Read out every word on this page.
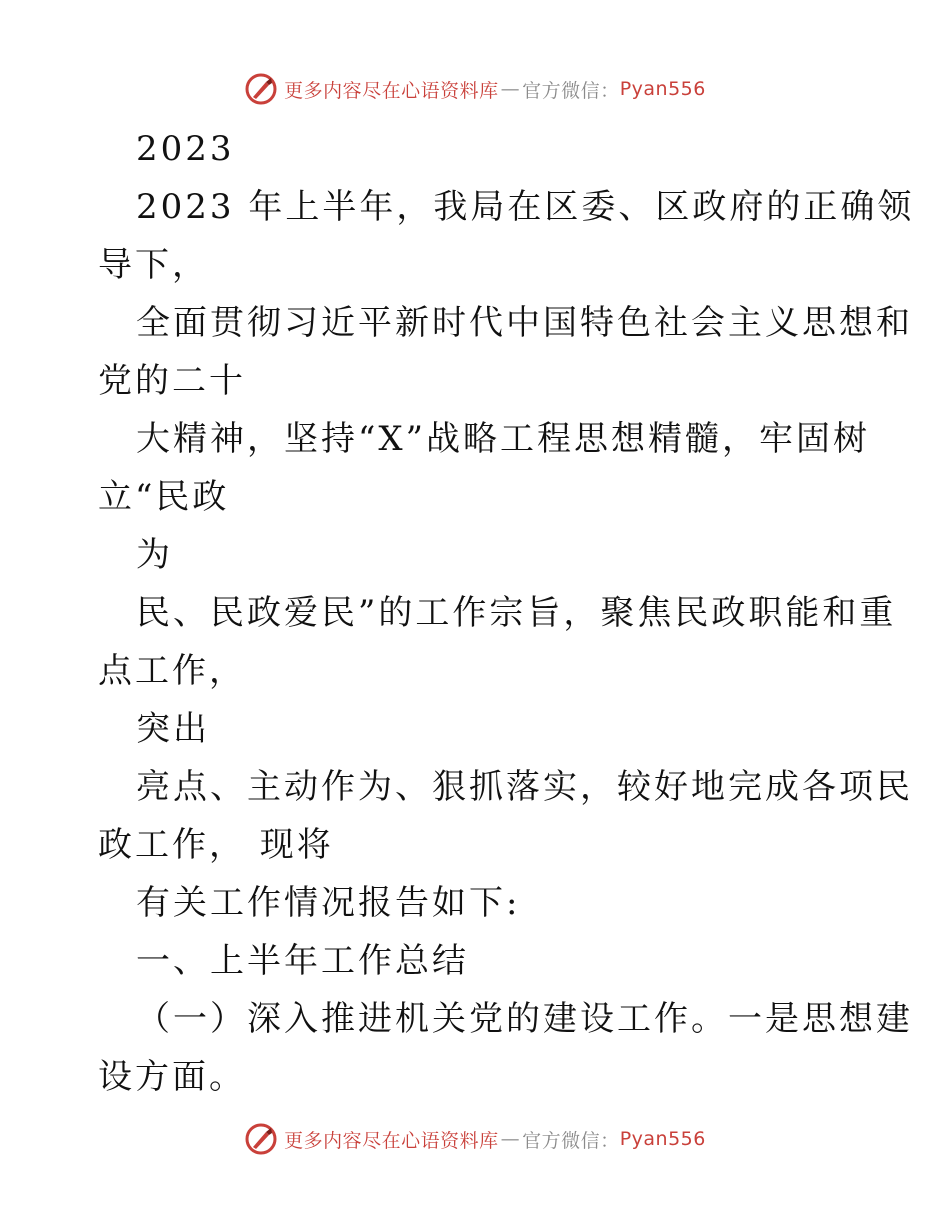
更多内容尽在心语资料库 — 官方微信： Pyan556
2023
2023 年上半年，我局在区委、区政府的正确领
导下，
全面贯彻习近平新时代中国特色社会主义思想和
党的二十
大精神，坚持“X”战略工程思想精髓，牢固树
立“民政
为
民、民政爱民”的工作宗旨，聚焦民政职能和重
点工作，
突出
亮点、主动作为、狠抓落实，较好地完成各项民
政工作， 现将
有关工作情况报告如下:
一、上半年工作总结
（一）深入推进机关党的建设工作。一是思想建
设方面。
更多内容尽在心语资料库 — 官方微信： Pyan556
